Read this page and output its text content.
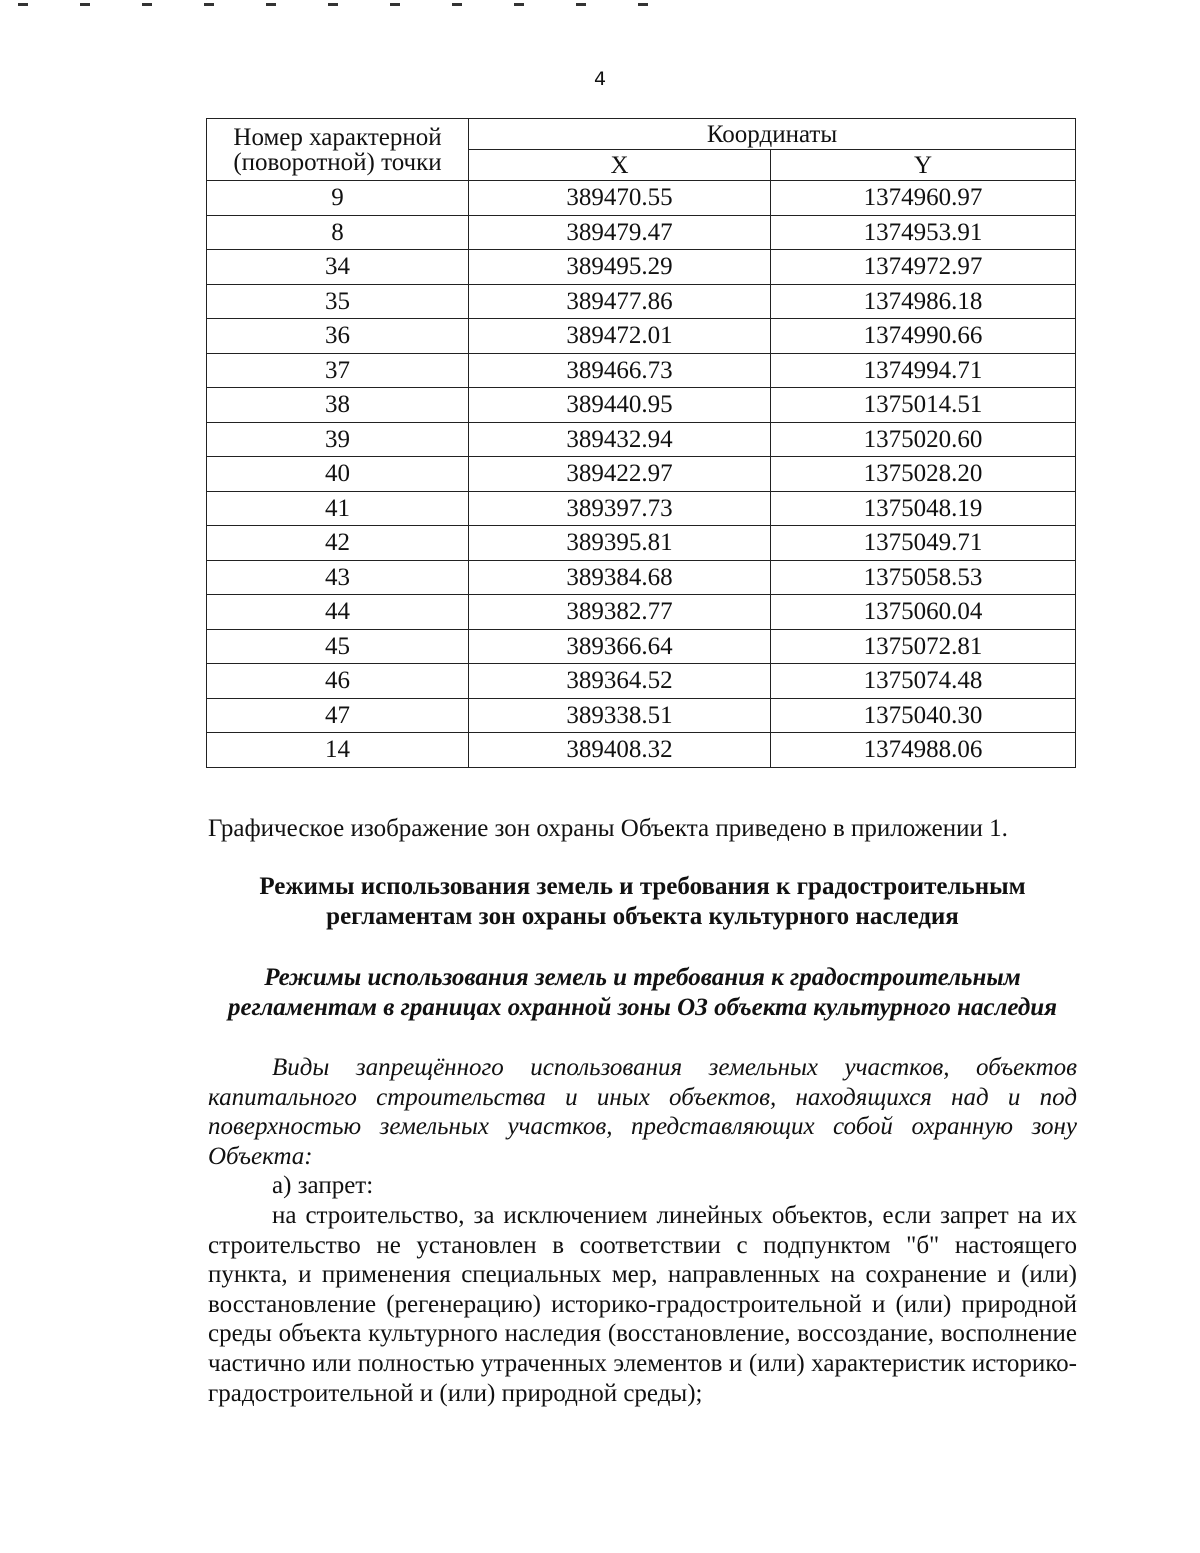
4
Номер характерной
(поворотной) точки	Координаты	
	X	Y
9	389470.55	1374960.97
8	389479.47	1374953.91
34	389495.29	1374972.97
35	389477.86	1374986.18
36	389472.01	1374990.66
37	389466.73	1374994.71
38	389440.95	1375014.51
39	389432.94	1375020.60
40	389422.97	1375028.20
41	389397.73	1375048.19
42	389395.81	1375049.71
43	389384.68	1375058.53
44	389382.77	1375060.04
45	389366.64	1375072.81
46	389364.52	1375074.48
47	389338.51	1375040.30
14	389408.32	1374988.06
Графическое изображение зон охраны Объекта приведено в приложении 1.
Режимы использования земель и требования к градостроительным
регламентам зон охраны объекта культурного наследия
Режимы использования земель и требования к градостроительным
регламентам в границах охранной зоны ОЗ объекта культурного наследия

Виды запрещённого использования земельных участков, объектов капитального строительства и иных объектов, находящихся над и под поверхностью земельных участков, представляющих собой охранную зону Объекта:

а) запрет:

на строительство, за исключением линейных объектов, если запрет на их строительство не установлен в соответствии с подпунктом "б" настоящего пункта, и применения специальных мер, направленных на сохранение и (или) восстановление (регенерацию) историко-градостроительной и (или) природной среды объекта культурного наследия (восстановление, воссоздание, восполнение частично или полностью утраченных элементов и (или) характеристик историко-градостроительной и (или) природной среды);
